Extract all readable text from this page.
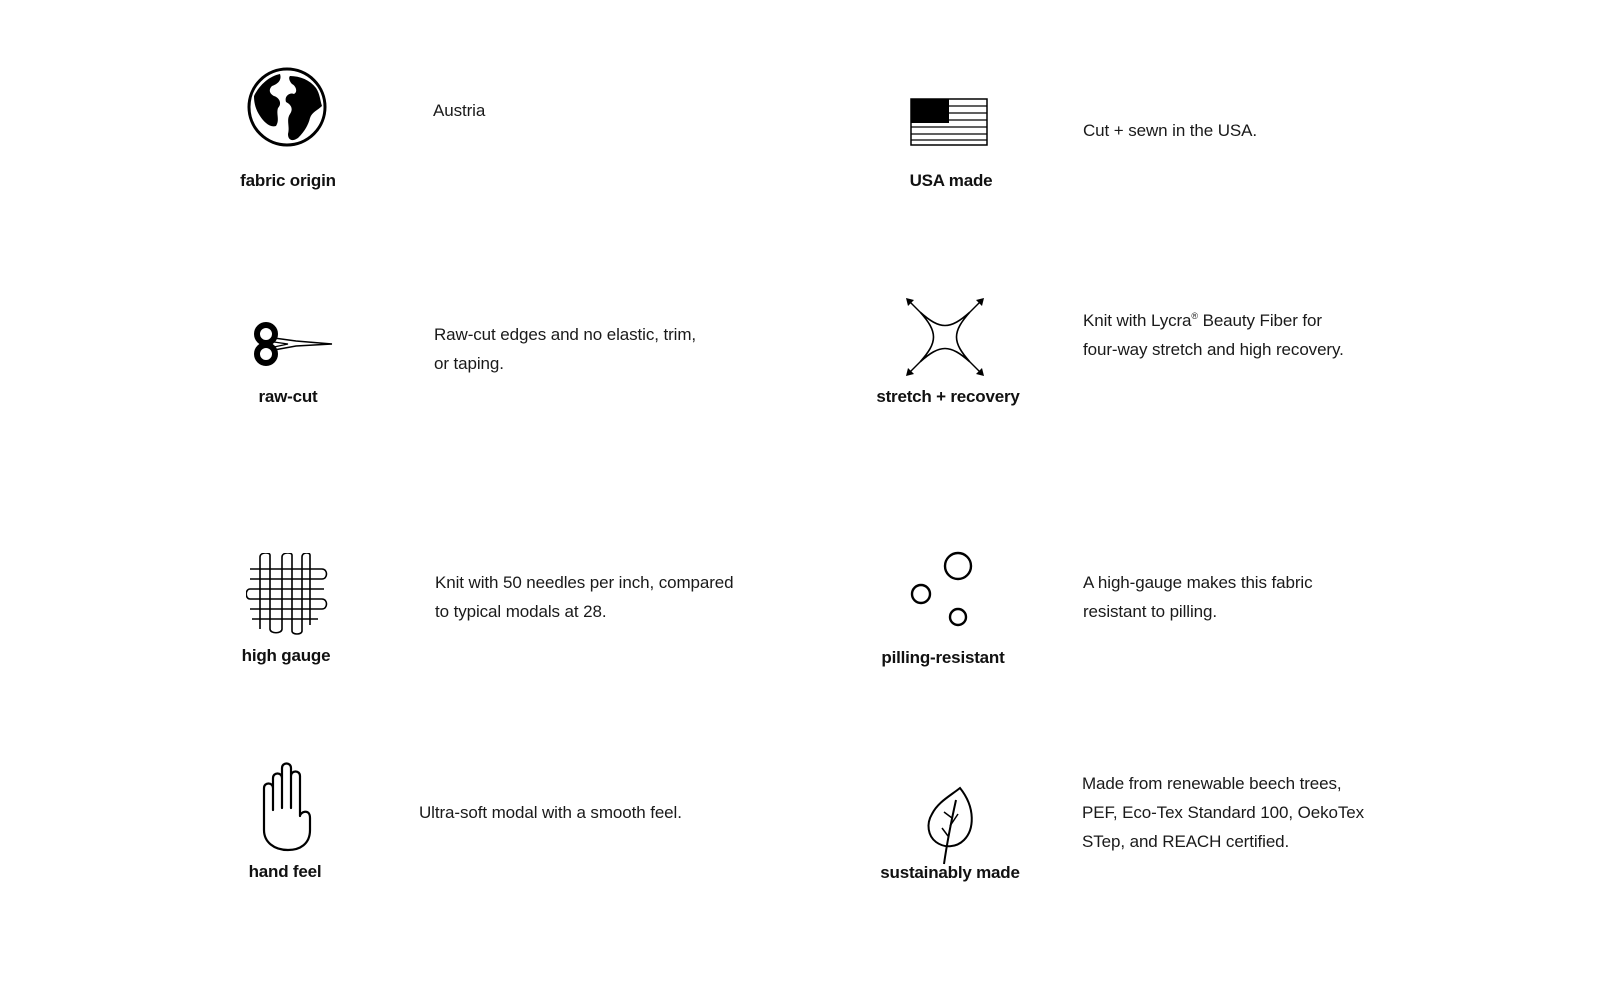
fabric origin
Austria
USA made
Cut + sewn in the USA.
raw-cut
Raw-cut edges and no elastic, trim,
or taping.
stretch + recovery
Knit with Lycra® Beauty Fiber for
four-way stretch and high recovery.
high gauge
Knit with 50 needles per inch, compared
to typical modals at 28.
pilling-resistant
A high-gauge makes this fabric
resistant to pilling.
hand feel
Ultra-soft modal with a smooth feel.
sustainably made
Made from renewable beech trees,
PEF, Eco-Tex Standard 100, OekoTex
STep, and REACH certified.
